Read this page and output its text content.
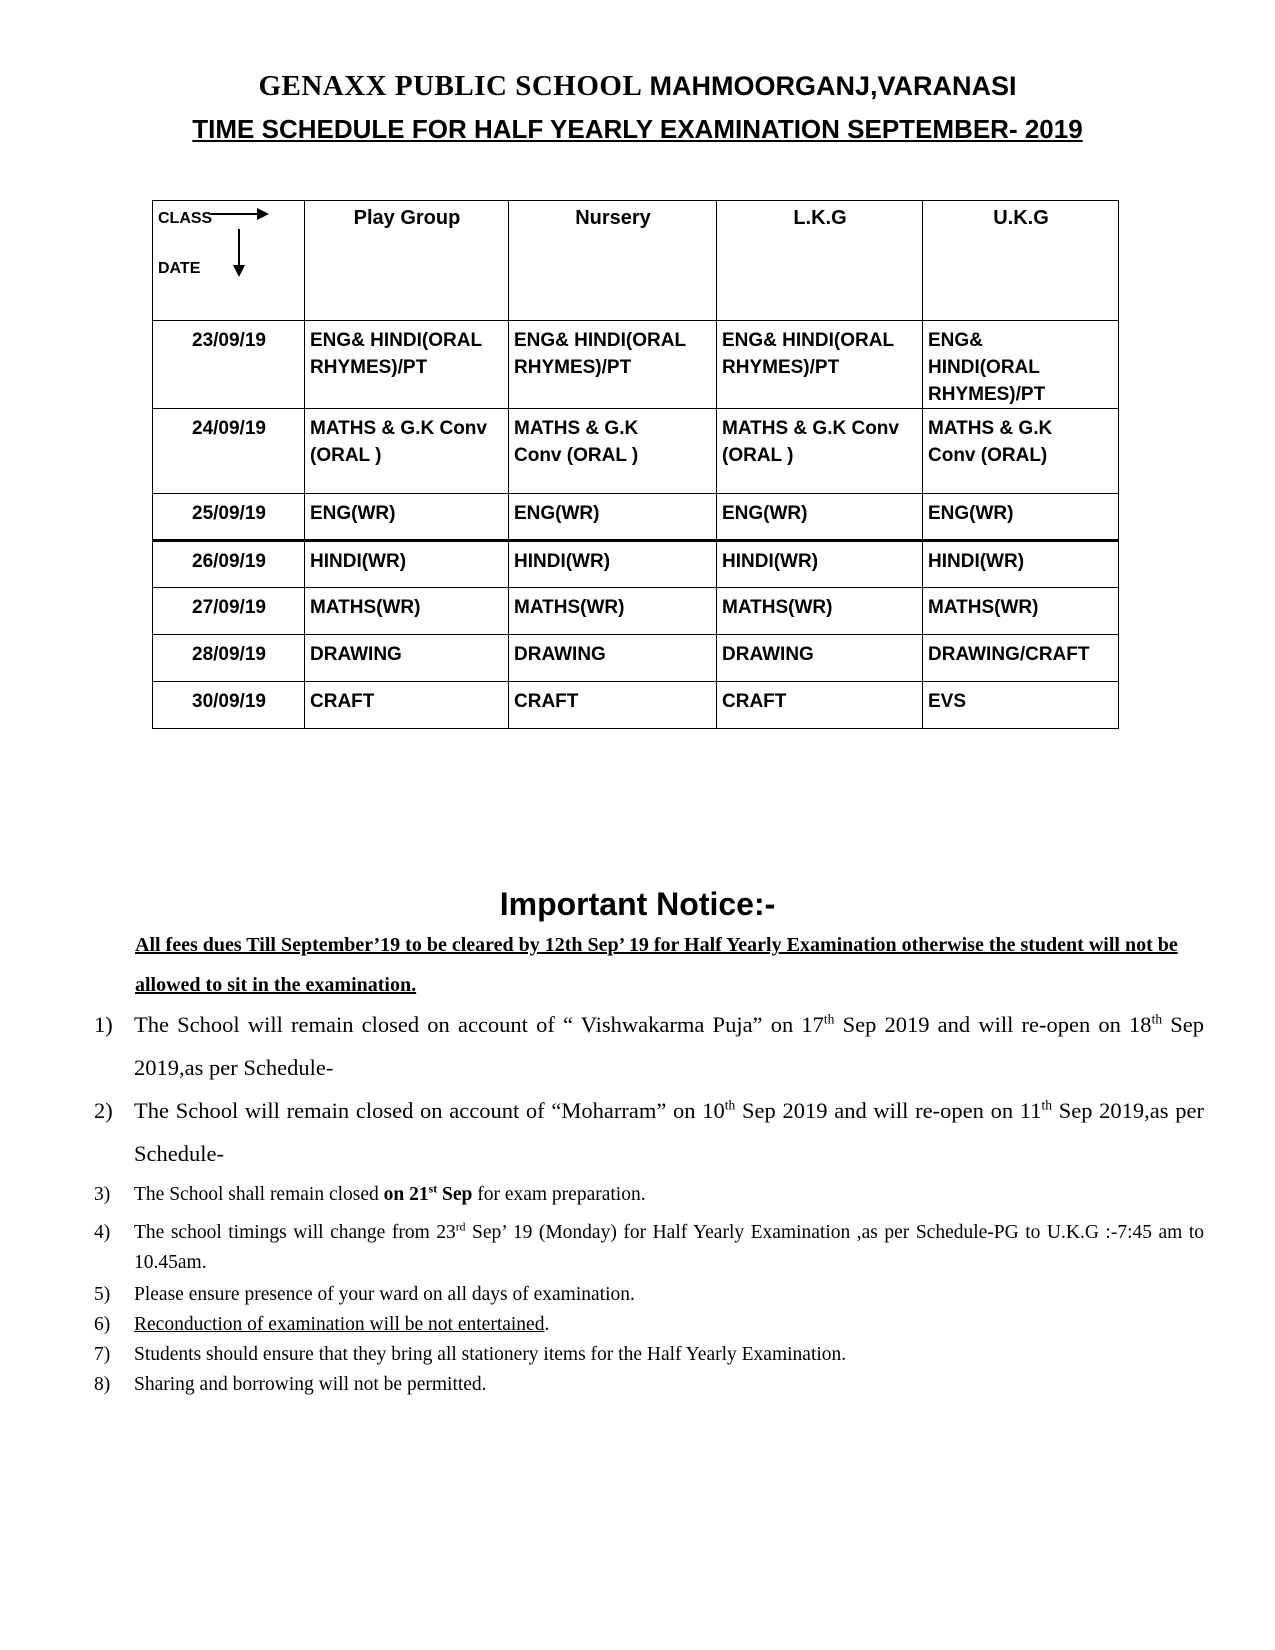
GENAXX PUBLIC SCHOOL MAHMOORGANJ,VARANASI
TIME SCHEDULE FOR HALF YEARLY EXAMINATION SEPTEMBER- 2019
CLASS
DATE	Play Group	Nursery	L.K.G	U.K.G
23/09/19	ENG& HINDI(ORAL RHYMES)/PT	ENG& HINDI(ORAL RHYMES)/PT	ENG& HINDI(ORAL RHYMES)/PT	ENG& HINDI(ORAL RHYMES)/PT
24/09/19	MATHS & G.K Conv (ORAL )	MATHS & G.K Conv (ORAL )	MATHS & G.K Conv (ORAL )	MATHS & G.K Conv (ORAL)
25/09/19	ENG(WR)	ENG(WR)	ENG(WR)	ENG(WR)
26/09/19	HINDI(WR)	HINDI(WR)	HINDI(WR)	HINDI(WR)
27/09/19	MATHS(WR)	MATHS(WR)	MATHS(WR)	MATHS(WR)
28/09/19	DRAWING	DRAWING	DRAWING	DRAWING/CRAFT
30/09/19	CRAFT	CRAFT	CRAFT	EVS
Important Notice:-
All fees dues Till September’19 to be cleared by 12th Sep’ 19 for Half Yearly Examination otherwise the student will not be allowed to sit in the examination.
1) The School will remain closed on account of “ Vishwakarma Puja” on 17th Sep 2019 and will re-open on 18th Sep 2019,as per Schedule-
2) The School will remain closed on account of “Moharram” on 10th Sep 2019 and will re-open on 11th Sep 2019,as per Schedule-
3) The School shall remain closed on 21st Sep for exam preparation.
4) The school timings will change from 23rd Sep’ 19 (Monday) for Half Yearly Examination ,as per Schedule-PG to U.K.G :-7:45 am to 10.45am.
5) Please ensure presence of your ward on all days of examination.
6) Reconduction of examination will be not entertained.
7) Students should ensure that they bring all stationery items for the Half Yearly Examination.
8) Sharing and borrowing will not be permitted.
